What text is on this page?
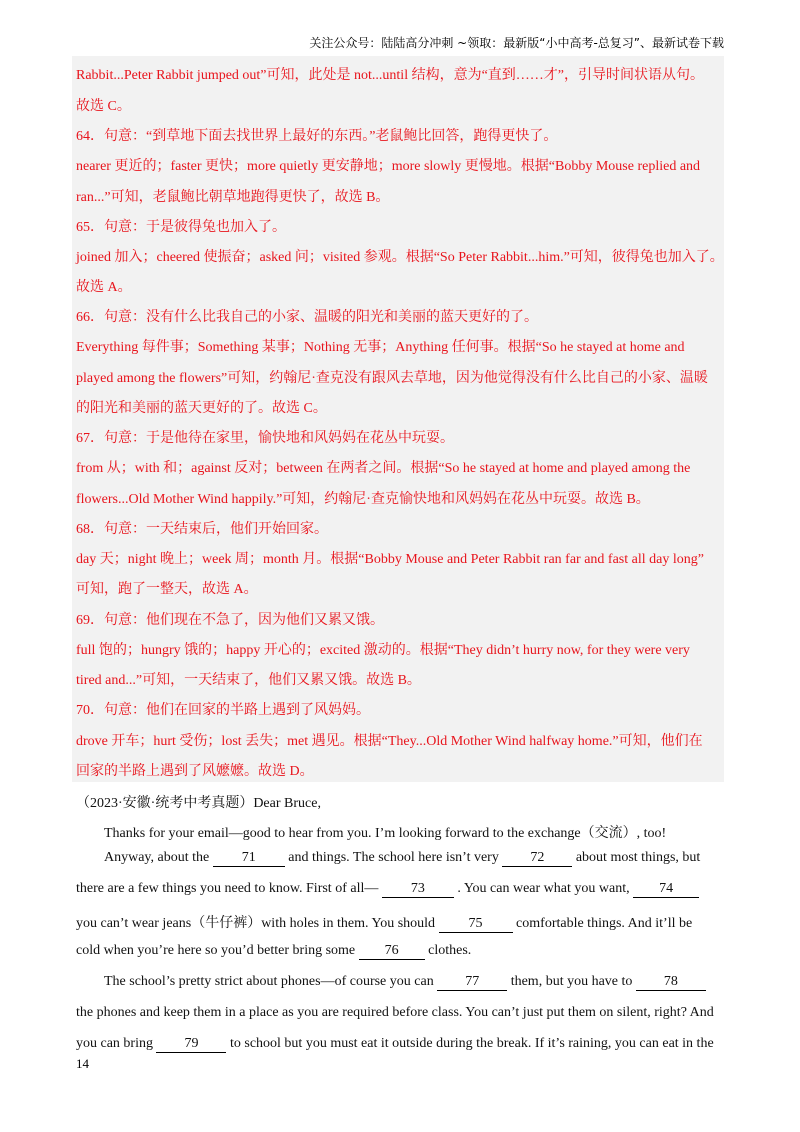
关注公众号：陆陆高分冲刺 ~领取：最新版“小中高考-总复习”、最新试卷下载
Rabbit...Peter Rabbit jumped out”可知，此处是 not...until 结构，意为“直到……才”，引导时间状语从句。
故选 C。
64．句意：“到草地下面去找世界上最好的东西。”老鼠鲍比回答，跑得更快了。
nearer 更近的；faster 更快；more quietly 更安静地；more slowly 更慢地。根据“Bobby Mouse replied and
ran...”可知，老鼠鲍比朝草地跑得更快了，故选 B。
65．句意：于是彼得兔也加入了。
joined 加入；cheered 使振奋；asked 问；visited 参观。根据“So Peter Rabbit...him.”可知，彼得兔也加入了。
故选 A。
66．句意：没有什么比我自己的小家、温暖的阳光和美丽的蓝天更好的了。
Everything 每件事；Something 某事；Nothing 无事；Anything 任何事。根据“So he stayed at home and
played among the flowers”可知，约翰尼·查克没有跟风去草地，因为他觉得没有什么比自己的小家、温暖
的阳光和美丽的蓝天更好的了。故选 C。
67．句意：于是他待在家里，愉快地和风妈妈在花丛中玩耍。
from 从；with 和；against 反对；between 在两者之间。根据“So he stayed at home and played among the
flowers...Old Mother Wind happily.”可知，约翰尼·查克愉快地和风妈妈在花丛中玩耍。故选 B。
68．句意：一天结束后，他们开始回家。
day 天；night 晚上；week 周；month 月。根据“Bobby Mouse and Peter Rabbit ran far and fast all day long”
可知，跑了一整天，故选 A。
69．句意：他们现在不急了，因为他们又累又饿。
full 饱的；hungry 饿的；happy 开心的；excited 激动的。根据“They didn’t hurry now, for they were very
tired and...”可知，一天结束了，他们又累又饿。故选 B。
70．句意：他们在回家的半路上遇到了风妈妈。
drove 开车；hurt 受伤；lost 丢失；met 遇见。根据“They...Old Mother Wind halfway home.”可知，他们在
回家的半路上遇到了风嬷嬷。故选 D。
（2023·安徽·统考中考真题）Dear Bruce,
Thanks for your email—good to hear from you. I’m looking forward to the exchange（交流）, too!
Anyway, about the 71 and things. The school here isn’t very 72 about most things, but
there are a few things you need to know. First of all— 73 . You can wear what you want, 74
you can’t wear jeans（牛仔裤）with holes in them. You should 75 comfortable things. And it’ll be
cold when you’re here so you’d better bring some 76 clothes.
The school’s pretty strict about phones—of course you can 77 them, but you have to 78
the phones and keep them in a place as you are required before class. You can’t just put them on silent, right? And
you can bring 79 to school but you must eat it outside during the break. If it’s raining, you can eat in the
14
